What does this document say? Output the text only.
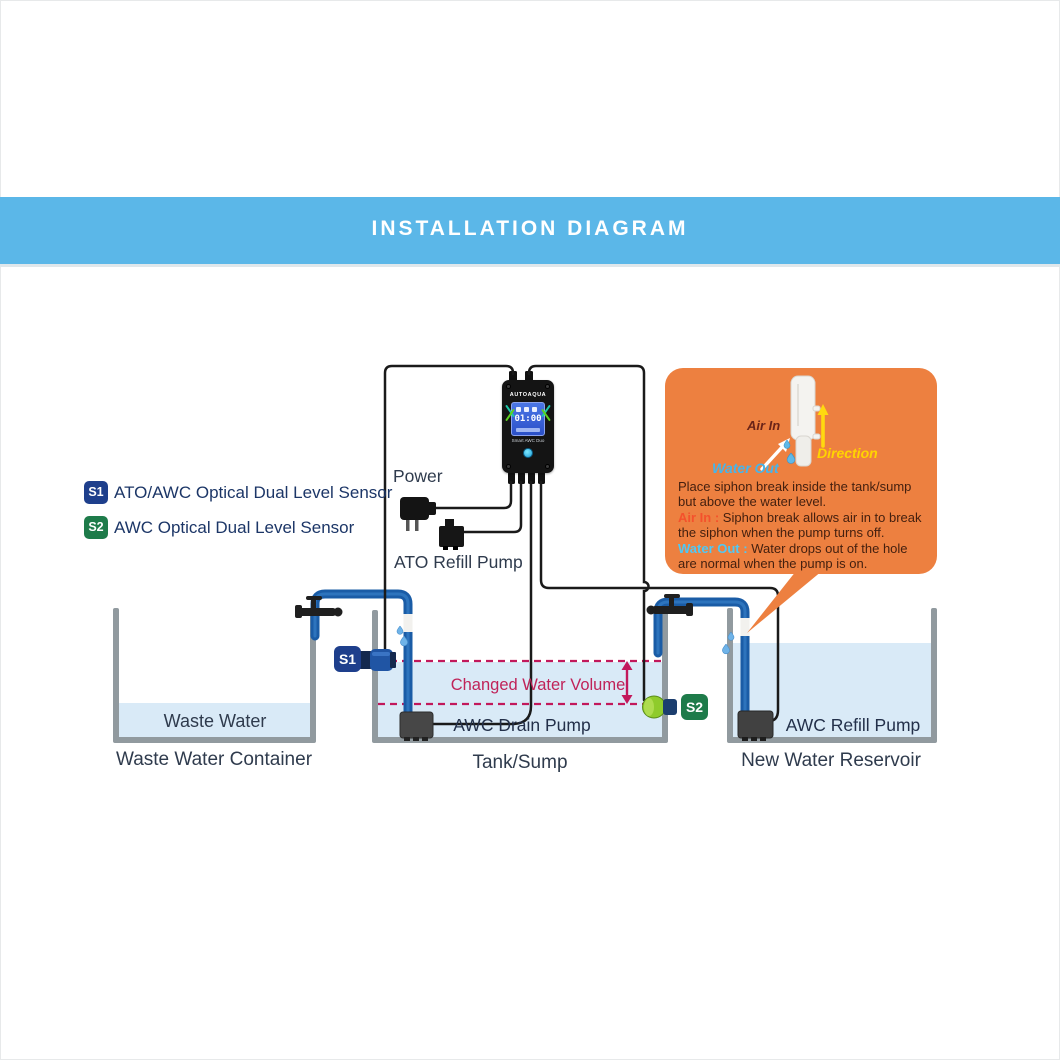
INSTALLATION DIAGRAM
AUTOAQUA
01:00
Smart AWC Duo
Air In
Direction
Water Out
Place siphon break inside the tank/sump but above the water level.
Air In : Siphon break allows air in to break the siphon when the pump turns off.
Water Out : Water drops out of the hole are normal when the pump is on.
S1 ATO/AWC Optical Dual Level Sensor
S2 AWC Optical Dual Level Sensor
S1
S2
Power
ATO Refill Pump
Waste Water
Waste Water Container
AWC Drain Pump
Tank/Sump
AWC Refill Pump
New Water Reservoir
Changed Water Volume
